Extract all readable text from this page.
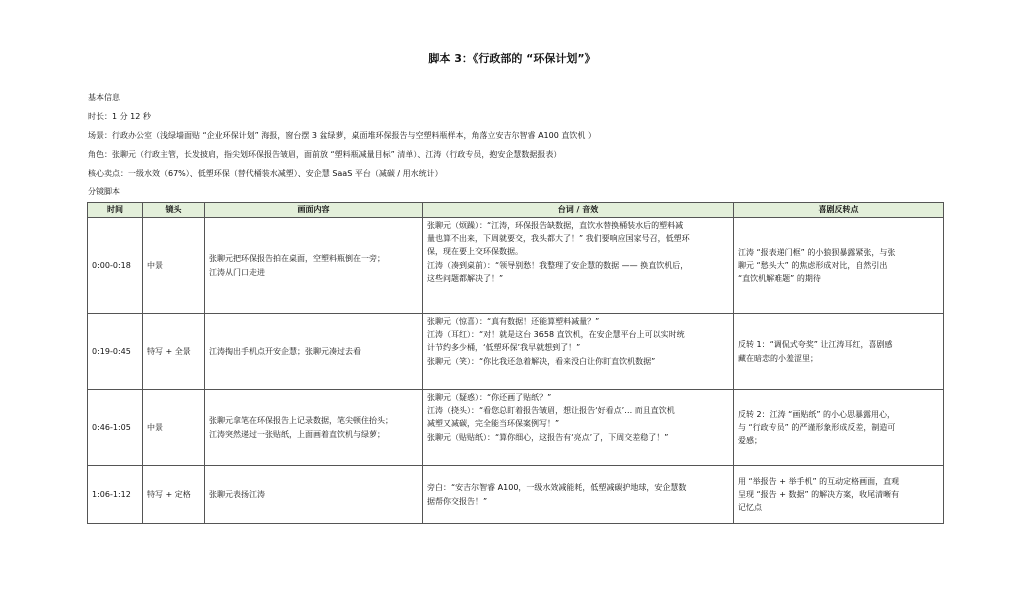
脚本 3：《行政部的 “环保计划”》
基本信息
时长：1 分 12 秒
场景：行政办公室（浅绿墙面贴 “企业环保计划” 海报，窗台摆 3 盆绿萝，桌面堆环保报告与空塑料瓶样本，角落立安吉尔智睿 A100 直饮机 ）
角色：张聊元（行政主管，长发披肩，指尖划环保报告皱眉，面前放 “塑料瓶减量目标” 清单）、江涛（行政专员，抱安企慧数据报表）
核心卖点：一级水效（67%）、低塑环保（替代桶装水减塑）、安企慧 SaaS 平台（减碳 / 用水统计）
分镜脚本
时间	镜头	画面内容	台词 / 音效	喜剧反转点
0:00-0:18	中景	张聊元把环保报告拍在桌面，空塑料瓶倒在一旁；
江涛从门口走进	张聊元（烦躁）：“江涛，环保报告缺数据，直饮水替换桶装水后的塑料减
量也算不出来，下周就要交，我头都大了！” 我们要响应国家号召，低塑环
保，现在要上交环保数据。
江涛（凑到桌前）：“领导别愁！我整理了安企慧的数据 —— 换直饮机后，
这些问题都解决了！”	江涛 “报表递门框” 的小狼狈暴露紧张，与张
聊元 “愁头大” 的焦虑形成对比，自然引出
“直饮机解难题” 的期待

0:19-0:45	特写 + 全景	江涛掏出手机点开安企慧；张聊元凑过去看	张聊元（惊喜）：“真有数据！还能算塑料减量？”
江涛（耳红）：“对！就是这台 3658 直饮机，在安企慧平台上可以实时统
计节约多少桶，‘低塑环保’我早就想到了！”
张聊元（笑）：“你比我还急着解决，看来没白让你盯直饮机数据”	反转 1：“调侃式夸奖” 让江涛耳红，喜剧感
藏在暗恋的小羞涩里；

0:46-1:05	中景	张聊元拿笔在环保报告上记录数据，笔尖顿住抬头；
江涛突然递过一张贴纸，上面画着直饮机与绿萝；	张聊元（疑惑）：“你还画了贴纸？”
江涛（挠头）：“看您总盯着报告皱眉，想让报告‘好看点’… 而且直饮机
减塑又减碳，完全能当环保案例写！”
张聊元（贴贴纸）：“算你细心，这报告有‘亮点’了，下周交差稳了！”	反转 2：江涛 “画贴纸” 的小心思暴露用心，
与 “行政专员” 的严谨形象形成反差，制造可
爱感；

1:06-1:12	特写 + 定格	张聊元表扬江涛	旁白：“安吉尔智睿 A100，一级水效减能耗，低塑减碳护地球，安企慧数
据帮你交报告！”	用 “举报告 + 举手机” 的互动定格画面，直观
呈现 “报告 + 数据” 的解决方案，收尾清晰有
记忆点
